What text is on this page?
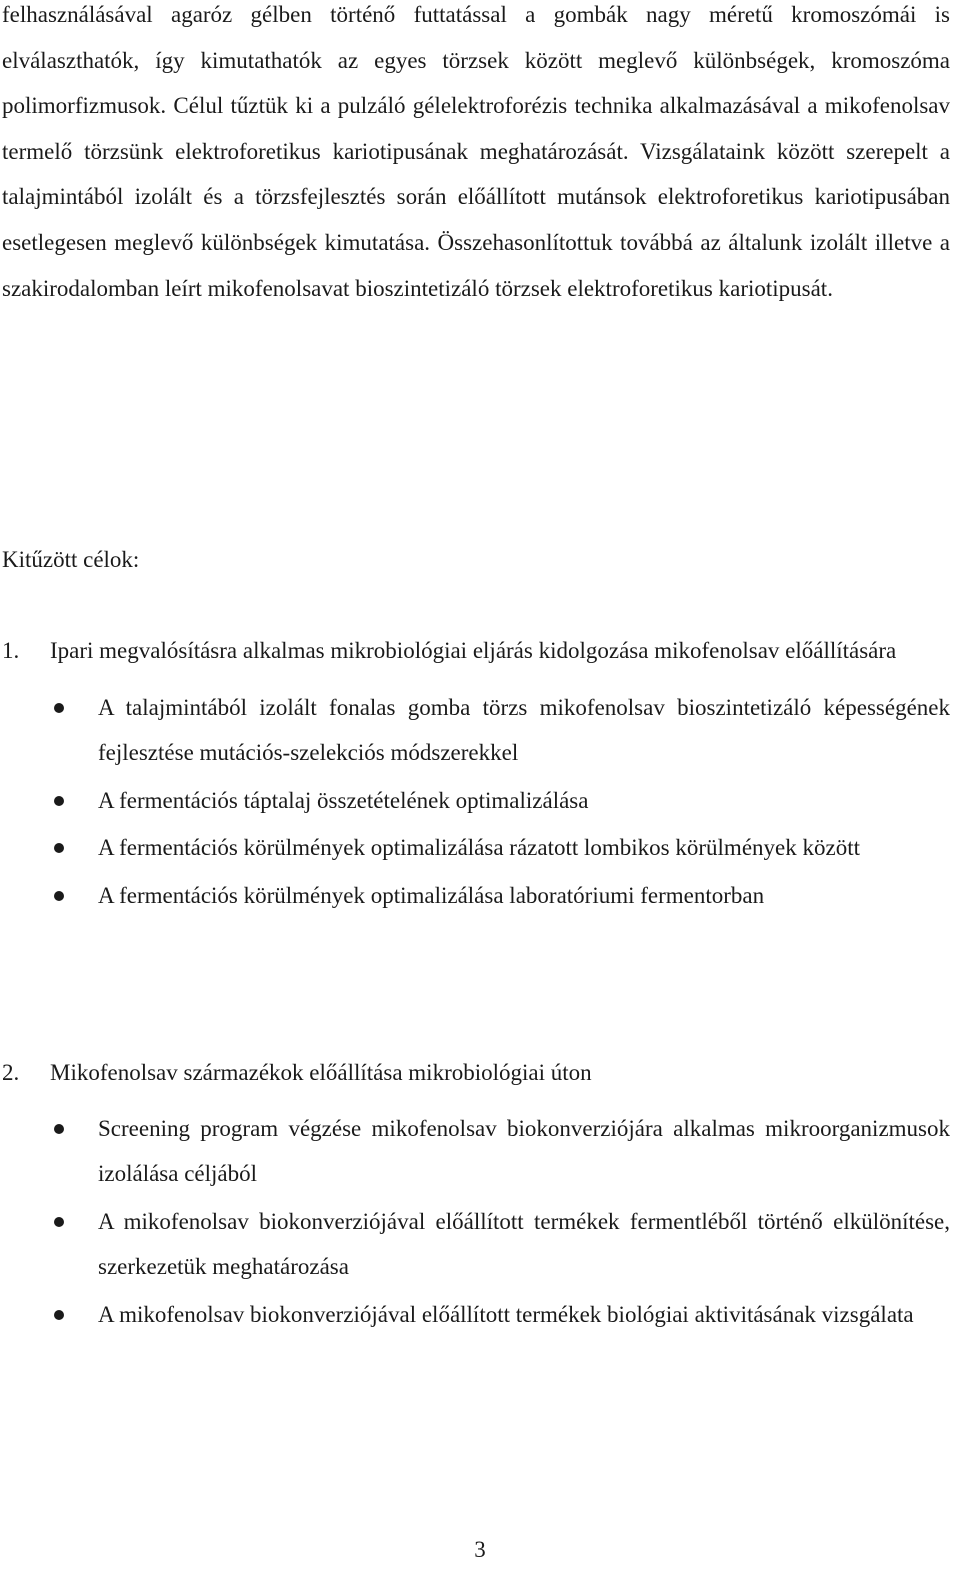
felhasználásával agaróz gélben történő futtatással a gombák nagy méretű kromoszómái is elválaszthatók, így kimutathatók az egyes törzsek között meglevő különbségek, kromoszóma polimorfizmusok. Célul tűztük ki a pulzáló gélelektroforézis technika alkalmazásával a mikofenolsav termelő törzsünk elektroforetikus kariotipusának meghatározását. Vizsgálataink között szerepelt a talajmintából izolált és a törzsfejlesztés során előállított mutánsok elektroforetikus kariotipusában esetlegesen meglevő különbségek kimutatása. Összehasonlítottuk továbbá az általunk izolált illetve a szakirodalomban leírt mikofenolsavat bioszintetizáló törzsek elektroforetikus kariotipusát.

Kitűzött célok:
1.	Ipari megvalósításra alkalmas mikrobiológiai eljárás kidolgozása mikofenolsav előállítására
A talajmintából izolált fonalas gomba törzs mikofenolsav bioszintetizáló képességének fejlesztése mutációs-szelekciós módszerekkel
A fermentációs táptalaj összetételének optimalizálása
A fermentációs körülmények optimalizálása rázatott lombikos körülmények között
A fermentációs körülmények optimalizálása laboratóriumi fermentorban
2.	Mikofenolsav származékok előállítása mikrobiológiai úton
Screening program végzése mikofenolsav biokonverziójára alkalmas mikroorganizmusok izolálása céljából
A mikofenolsav biokonverziójával előállított termékek fermentléből történő elkülönítése, szerkezetük meghatározása
A mikofenolsav biokonverziójával előállított termékek biológiai aktivitásának vizsgálata
3
